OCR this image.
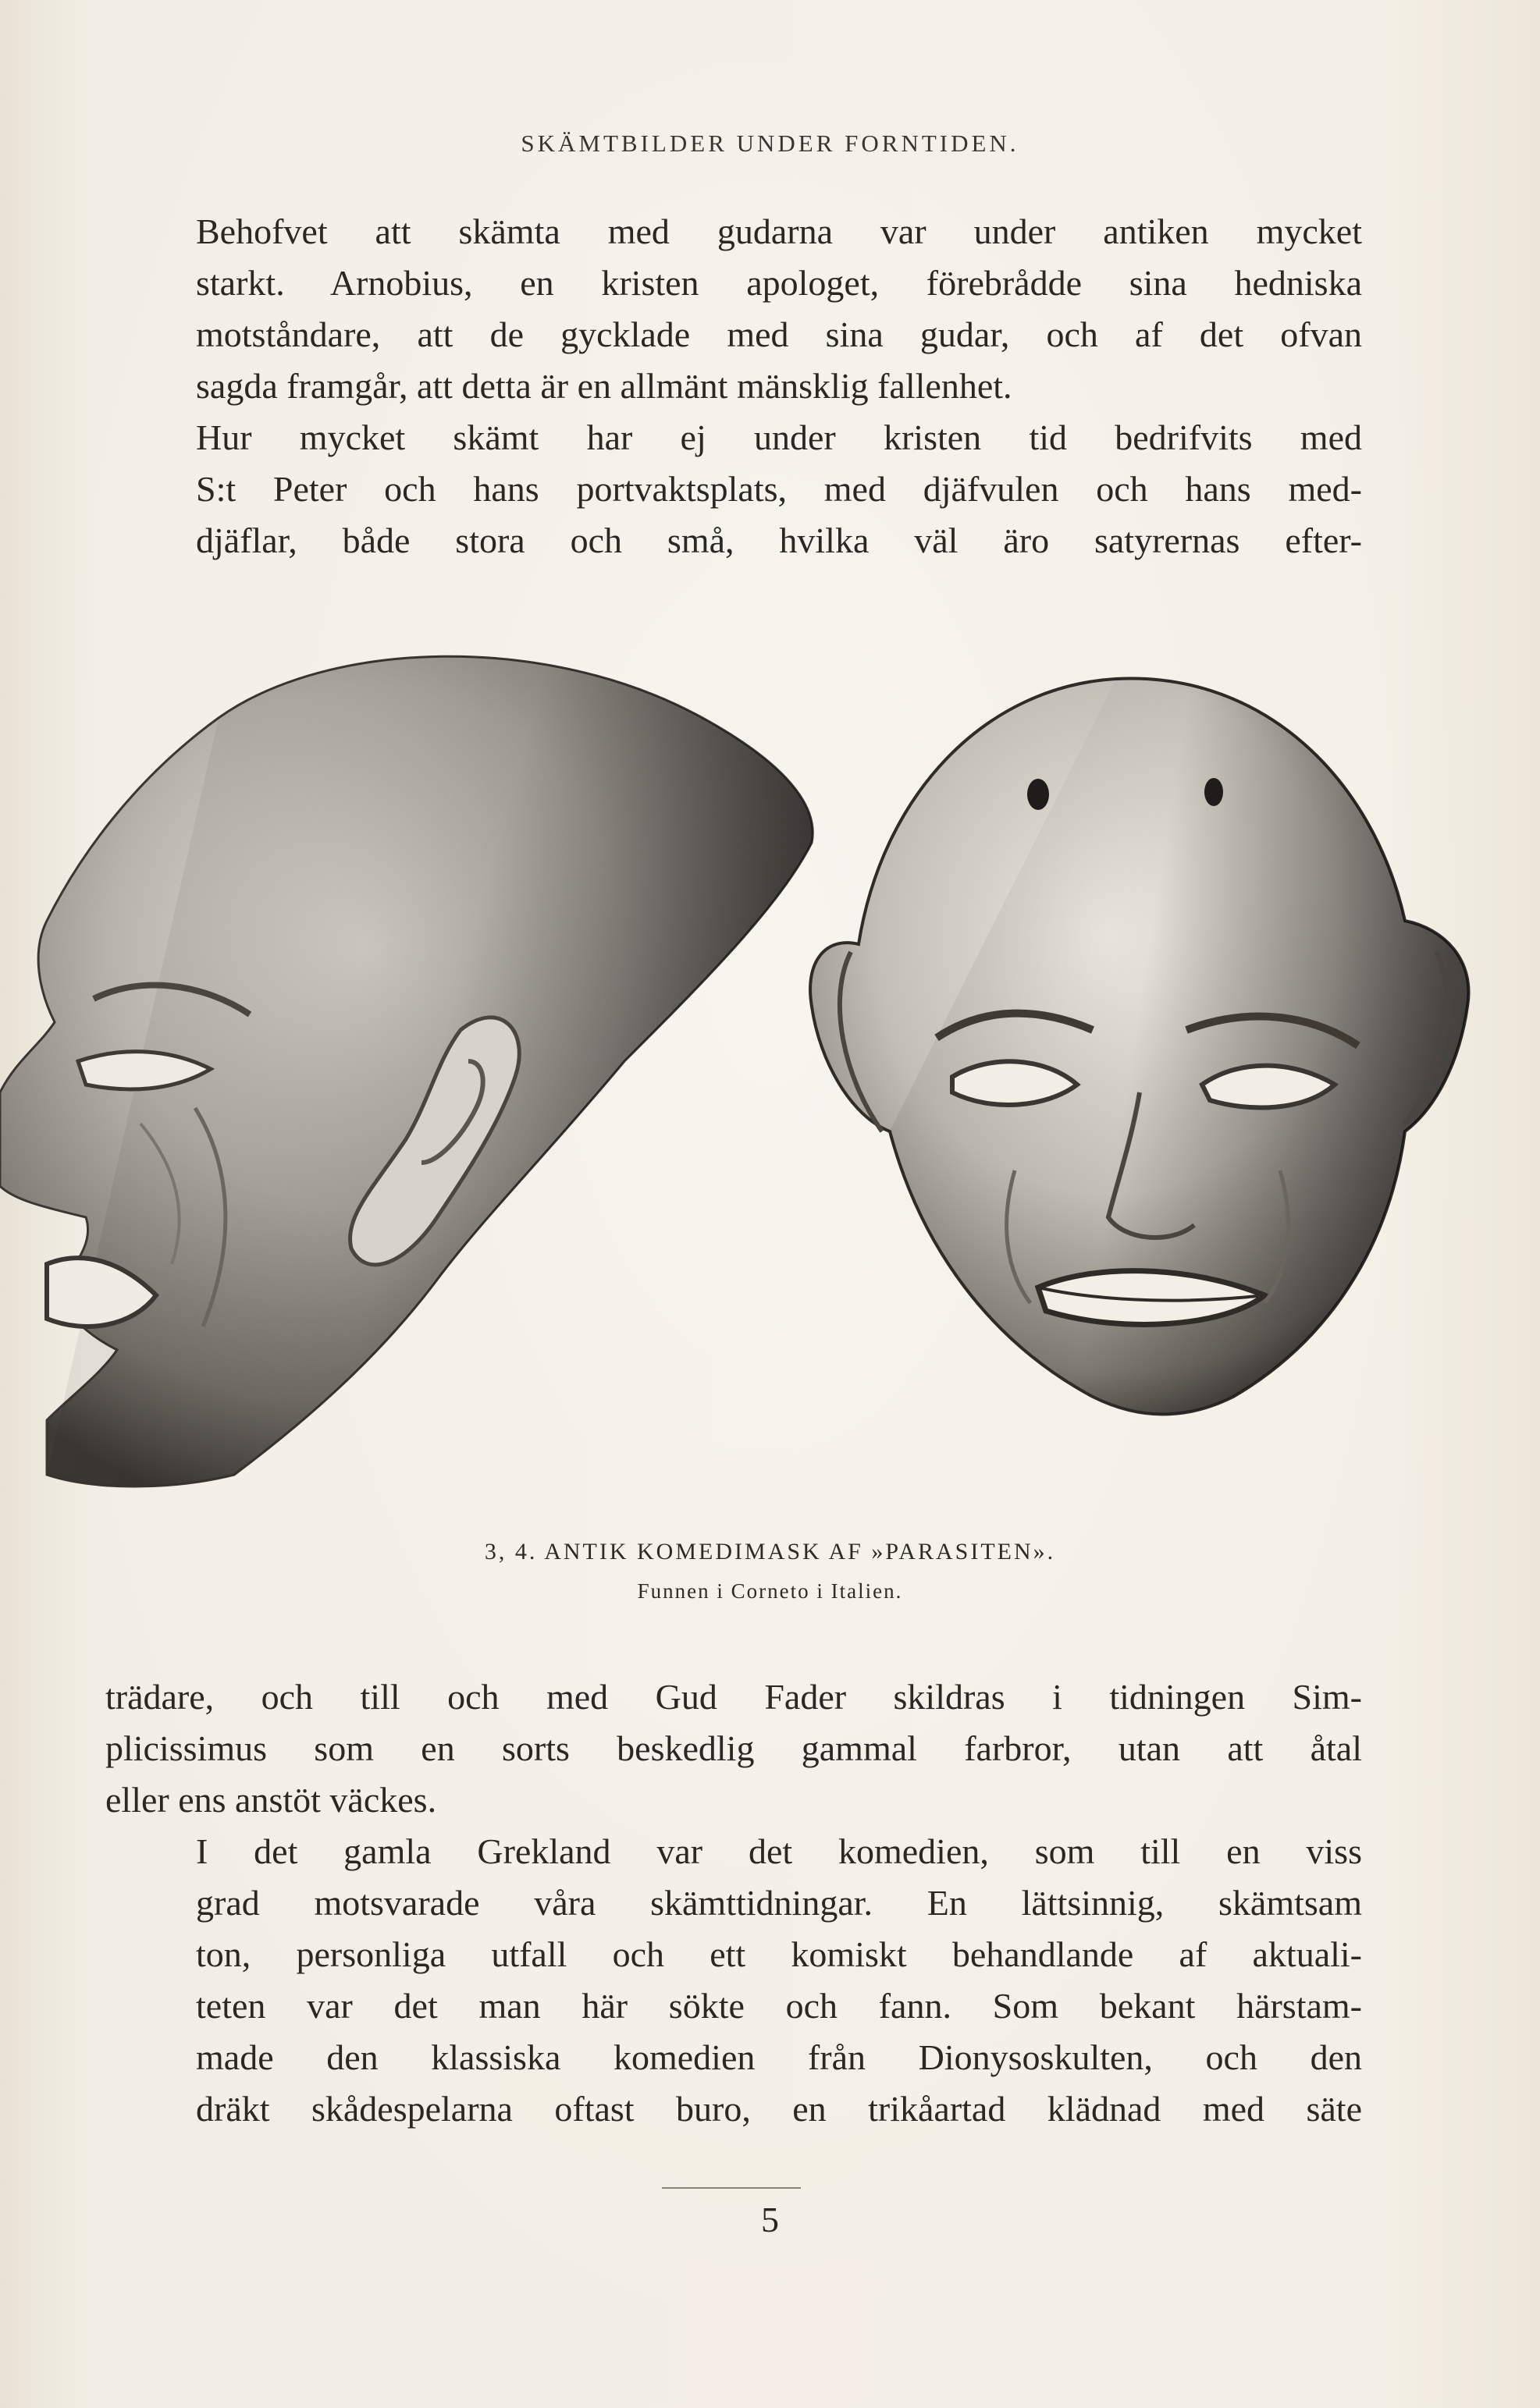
SKÄMTBILDER UNDER FORNTIDEN.

Behofvet att skämta med gudarna var under antiken mycket
starkt. Arnobius, en kristen apologet, förebrådde sina hedniska
motståndare, att de gycklade med sina gudar, och af det ofvan
sagda framgår, att detta är en allmänt mänsklig fallenhet.

Hur mycket skämt har ej under kristen tid bedrifvits med
S:t Peter och hans portvaktsplats, med djäfvulen och hans med-
djäflar, både stora och små, hvilka väl äro satyrernas efter-

3, 4. ANTIK KOMEDIMASK AF »PARASITEN».
Funnen i Corneto i Italien.

trädare, och till och med Gud Fader skildras i tidningen Sim-
plicissimus som en sorts beskedlig gammal farbror, utan att åtal
eller ens anstöt väckes.

I det gamla Grekland var det komedien, som till en viss
grad motsvarade våra skämttidningar. En lättsinnig, skämtsam
ton, personliga utfall och ett komiskt behandlande af aktuali-
teten var det man här sökte och fann. Som bekant härstam-
made den klassiska komedien från Dionysoskulten, och den
dräkt skådespelarna oftast buro, en trikåartad klädnad med säte

5
